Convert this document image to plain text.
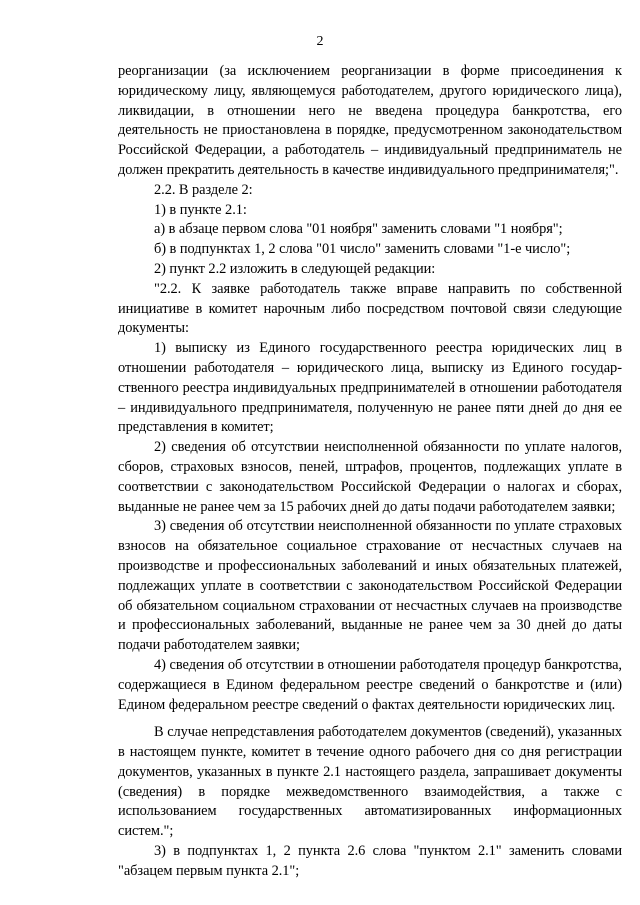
2

реорганизации (за исключением реорганизации в форме присоединения к юридическому лицу, являющемуся работодателем, другого юридического лица), ликвидации, в отношении него не введена процедура банкротства, его деятельность не приостановлена в порядке, предусмотренном законодательством Российской Федерации, а работодатель – индивидуальный предприниматель не должен прекратить деятельность в качестве индивидуального предпринимателя;".

2.2. В разделе 2:

1) в пункте 2.1:

а) в абзаце первом слова "01 ноября" заменить словами "1 ноября";

б) в подпунктах 1, 2 слова "01 число" заменить словами "1-е число";

2) пункт 2.2 изложить в следующей редакции:

"2.2. К заявке работодатель также вправе направить по собственной инициативе в комитет нарочным либо посредством почтовой связи следующие документы:

1) выписку из Единого государственного реестра юридических лиц в отношении работодателя – юридического лица, выписку из Единого государственного реестра индивидуальных предпринимателей в отношении работодателя – индивидуального предпринимателя, полученную не ранее пяти дней до дня ее представления в комитет;

2) сведения об отсутствии неисполненной обязанности по уплате налогов, сборов, страховых взносов, пеней, штрафов, процентов, подлежащих уплате в соответствии с законодательством Российской Федерации о налогах и сборах, выданные не ранее чем за 15 рабочих дней до даты подачи работодателем заявки;

3) сведения об отсутствии неисполненной обязанности по уплате страховых взносов на обязательное социальное страхование от несчастных случаев на производстве и профессиональных заболеваний и иных обязательных платежей, подлежащих уплате в соответствии с законодательством Российской Федерации об обязательном социальном страховании от несчастных случаев на производстве и профессиональных заболеваний, выданные не ранее чем за 30 дней до даты подачи работодателем заявки;

4) сведения об отсутствии в отношении работодателя процедур банкротства, содержащиеся в Едином федеральном реестре сведений о банкротстве и (или) Едином федеральном реестре сведений о фактах деятельности юридических лиц.

В случае непредставления работодателем документов (сведений), указанных в настоящем пункте, комитет в течение одного рабочего дня со дня регистрации документов, указанных в пункте 2.1 настоящего раздела, запрашивает документы (сведения) в порядке межведомственного взаимодействия, а также с использованием государственных автоматизированных информационных систем.";

3) в подпунктах 1, 2 пункта 2.6 слова "пунктом 2.1" заменить словами "абзацем первым пункта 2.1";
